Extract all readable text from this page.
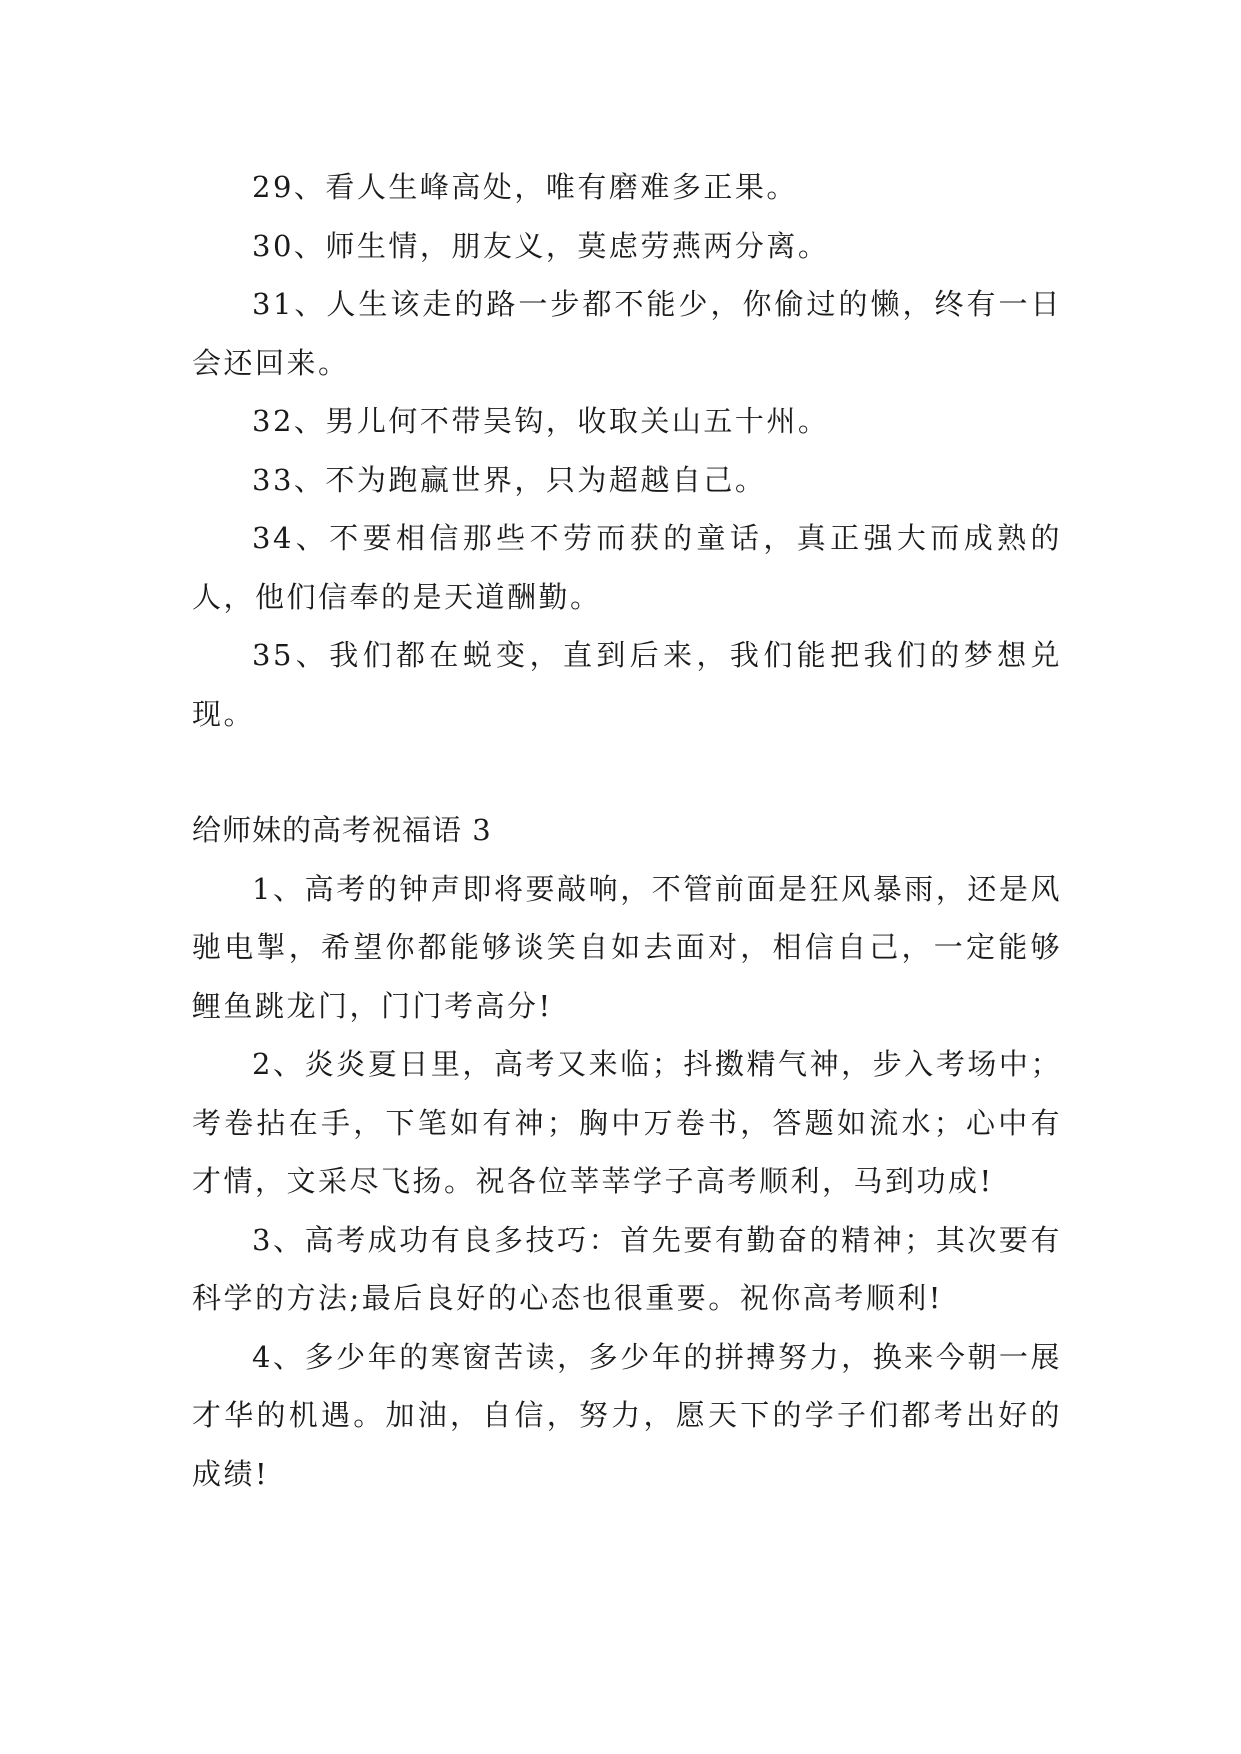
29、看人生峰高处，唯有磨难多正果。

30、师生情，朋友义，莫虑劳燕两分离。

31、人生该走的路一步都不能少，你偷过的懒，终有一日会还回来。

32、男儿何不带吴钩，收取关山五十州。

33、不为跑赢世界，只为超越自己。

34、不要相信那些不劳而获的童话，真正强大而成熟的人，他们信奉的是天道酬勤。

35、我们都在蜕变，直到后来，我们能把我们的梦想兑现。

给师妹的高考祝福语 3

1、高考的钟声即将要敲响，不管前面是狂风暴雨，还是风驰电掣，希望你都能够谈笑自如去面对，相信自己，一定能够鲤鱼跳龙门，门门考高分!

2、炎炎夏日里，高考又来临；抖擞精气神，步入考场中；考卷拈在手，下笔如有神；胸中万卷书，答题如流水；心中有才情，文采尽飞扬。祝各位莘莘学子高考顺利，马到功成!

3、高考成功有良多技巧：首先要有勤奋的精神；其次要有科学的方法;最后良好的心态也很重要。祝你高考顺利!

4、多少年的寒窗苦读，多少年的拼搏努力，换来今朝一展才华的机遇。加油，自信，努力，愿天下的学子们都考出好的成绩!
